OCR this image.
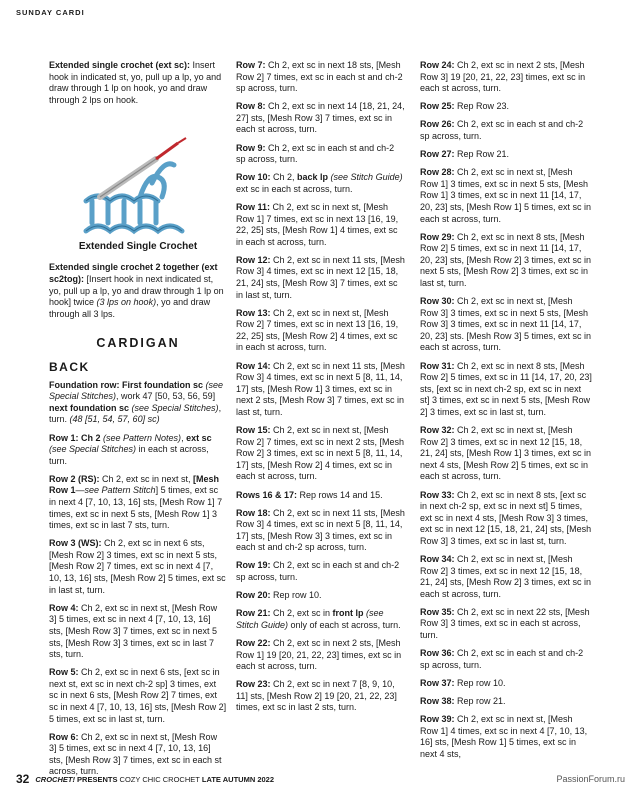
SUNDAY CARDI

Extended single crochet (ext sc): Insert hook in indicated st, yo, pull up a lp, yo and draw through 1 lp on hook, yo and draw through 2 lps on hook.

Extended Single Crochet

Extended single crochet 2 together (ext sc2tog): [Insert hook in next indicated st, yo, pull up a lp, yo and draw through 1 lp on hook] twice (3 lps on hook), yo and draw through all 3 lps.

CARDIGAN
BACK

Foundation row: First foundation sc (see Special Stitches), work 47 [50, 53, 56, 59] next foundation sc (see Special Stitches), turn. (48 [51, 54, 57, 60] sc)

Row 1: Ch 2 (see Pattern Notes), ext sc (see Special Stitches) in each st across, turn.

Row 2 (RS): Ch 2, ext sc in next st, [Mesh Row 1—see Pattern Stitch] 5 times, ext sc in next 4 [7, 10, 13, 16] sts, [Mesh Row 1] 7 times, ext sc in next 5 sts, [Mesh Row 1] 3 times, ext sc in last 7 sts, turn.

Row 3 (WS): Ch 2, ext sc in next 6 sts, [Mesh Row 2] 3 times, ext sc in next 5 sts, [Mesh Row 2] 7 times, ext sc in next 4 [7, 10, 13, 16] sts, [Mesh Row 2] 5 times, ext sc in last st, turn.

Row 4: Ch 2, ext sc in next st, [Mesh Row 3] 5 times, ext sc in next 4 [7, 10, 13, 16] sts, [Mesh Row 3] 7 times, ext sc in next 5 sts, [Mesh Row 3] 3 times, ext sc in last 7 sts, turn.

Row 5: Ch 2, ext sc in next 6 sts, [ext sc in next st, ext sc in next ch-2 sp] 3 times, ext sc in next 6 sts, [Mesh Row 2] 7 times, ext sc in next 4 [7, 10, 13, 16] sts, [Mesh Row 2] 5 times, ext sc in last st, turn.

Row 6: Ch 2, ext sc in next st, [Mesh Row 3] 5 times, ext sc in next 4 [7, 10, 13, 16] sts, [Mesh Row 3] 7 times, ext sc in each st across, turn.

Row 7: Ch 2, ext sc in next 18 sts, [Mesh Row 2] 7 times, ext sc in each st and ch-2 sp across, turn.

Row 8: Ch 2, ext sc in next 14 [18, 21, 24, 27] sts, [Mesh Row 3] 7 times, ext sc in each st across, turn.

Row 9: Ch 2, ext sc in each st and ch-2 sp across, turn.

Row 10: Ch 2, back lp (see Stitch Guide) ext sc in each st across, turn.

Row 11: Ch 2, ext sc in next st, [Mesh Row 1] 7 times, ext sc in next 13 [16, 19, 22, 25] sts, [Mesh Row 1] 4 times, ext sc in each st across, turn.

Row 12: Ch 2, ext sc in next 11 sts, [Mesh Row 3] 4 times, ext sc in next 12 [15, 18, 21, 24] sts, [Mesh Row 3] 7 times, ext sc in last st, turn.

Row 13: Ch 2, ext sc in next st, [Mesh Row 2] 7 times, ext sc in next 13 [16, 19, 22, 25] sts, [Mesh Row 2] 4 times, ext sc in each st across, turn.

Row 14: Ch 2, ext sc in next 11 sts, [Mesh Row 3] 4 times, ext sc in next 5 [8, 11, 14, 17] sts, [Mesh Row 1] 3 times, ext sc in next 2 sts, [Mesh Row 3] 7 times, ext sc in last st, turn.

Row 15: Ch 2, ext sc in next st, [Mesh Row 2] 7 times, ext sc in next 2 sts, [Mesh Row 2] 3 times, ext sc in next 5 [8, 11, 14, 17] sts, [Mesh Row 2] 4 times, ext sc in each st across, turn.

Rows 16 & 17: Rep rows 14 and 15.

Row 18: Ch 2, ext sc in next 11 sts, [Mesh Row 3] 4 times, ext sc in next 5 [8, 11, 14, 17] sts, [Mesh Row 3] 3 times, ext sc in each st and ch-2 sp across, turn.

Row 19: Ch 2, ext sc in each st and ch-2 sp across, turn.

Row 20: Rep row 10.

Row 21: Ch 2, ext sc in front lp (see Stitch Guide) only of each st across, turn.

Row 22: Ch 2, ext sc in next 2 sts, [Mesh Row 1] 19 [20, 21, 22, 23] times, ext sc in each st across, turn.

Row 23: Ch 2, ext sc in next 7 [8, 9, 10, 11] sts, [Mesh Row 2] 19 [20, 21, 22, 23] times, ext sc in last 2 sts, turn.

Row 24: Ch 2, ext sc in next 2 sts, [Mesh Row 3] 19 [20, 21, 22, 23] times, ext sc in each st across, turn.

Row 25: Rep Row 23.

Row 26: Ch 2, ext sc in each st and ch-2 sp across, turn.

Row 27: Rep Row 21.

Row 28: Ch 2, ext sc in next st, [Mesh Row 1] 3 times, ext sc in next 5 sts, [Mesh Row 1] 3 times, ext sc in next 11 [14, 17, 20, 23] sts, [Mesh Row 1] 5 times, ext sc in each st across, turn.

Row 29: Ch 2, ext sc in next 8 sts, [Mesh Row 2] 5 times, ext sc in next 11 [14, 17, 20, 23] sts, [Mesh Row 2] 3 times, ext sc in next 5 sts, [Mesh Row 2] 3 times, ext sc in last st, turn.

Row 30: Ch 2, ext sc in next st, [Mesh Row 3] 3 times, ext sc in next 5 sts, [Mesh Row 3] 3 times, ext sc in next 11 [14, 17, 20, 23] sts. [Mesh Row 3] 5 times, ext sc in each st across, turn.

Row 31: Ch 2, ext sc in next 8 sts, [Mesh Row 2] 5 times, ext sc in 11 [14, 17, 20, 23] sts, [ext sc in next ch-2 sp, ext sc in next st] 3 times, ext sc in next 5 sts, [Mesh Row 2] 3 times, ext sc in last st, turn.

Row 32: Ch 2, ext sc in next st, [Mesh Row 2] 3 times, ext sc in next 12 [15, 18, 21, 24] sts, [Mesh Row 1] 3 times, ext sc in next 4 sts, [Mesh Row 2] 5 times, ext sc in each st across, turn.

Row 33: Ch 2, ext sc in next 8 sts, [ext sc in next ch-2 sp, ext sc in next st] 5 times, ext sc in next 4 sts, [Mesh Row 3] 3 times, ext sc in next 12 [15, 18, 21, 24] sts, [Mesh Row 3] 3 times, ext sc in last st, turn.

Row 34: Ch 2, ext sc in next st, [Mesh Row 2] 3 times, ext sc in next 12 [15, 18, 21, 24] sts, [Mesh Row 2] 3 times, ext sc in each st across, turn.

Row 35: Ch 2, ext sc in next 22 sts, [Mesh Row 3] 3 times, ext sc in each st across, turn.

Row 36: Ch 2, ext sc in each st and ch-2 sp across, turn.

Row 37: Rep row 10.

Row 38: Rep row 21.

Row 39: Ch 2, ext sc in next st, [Mesh Row 1] 4 times, ext sc in next 4 [7, 10, 13, 16] sts, [Mesh Row 1] 5 times, ext sc in next 4 sts,

32 CROCHET! PRESENTS COZY CHIC CROCHET LATE AUTUMN 2022	PassionForum.ru
